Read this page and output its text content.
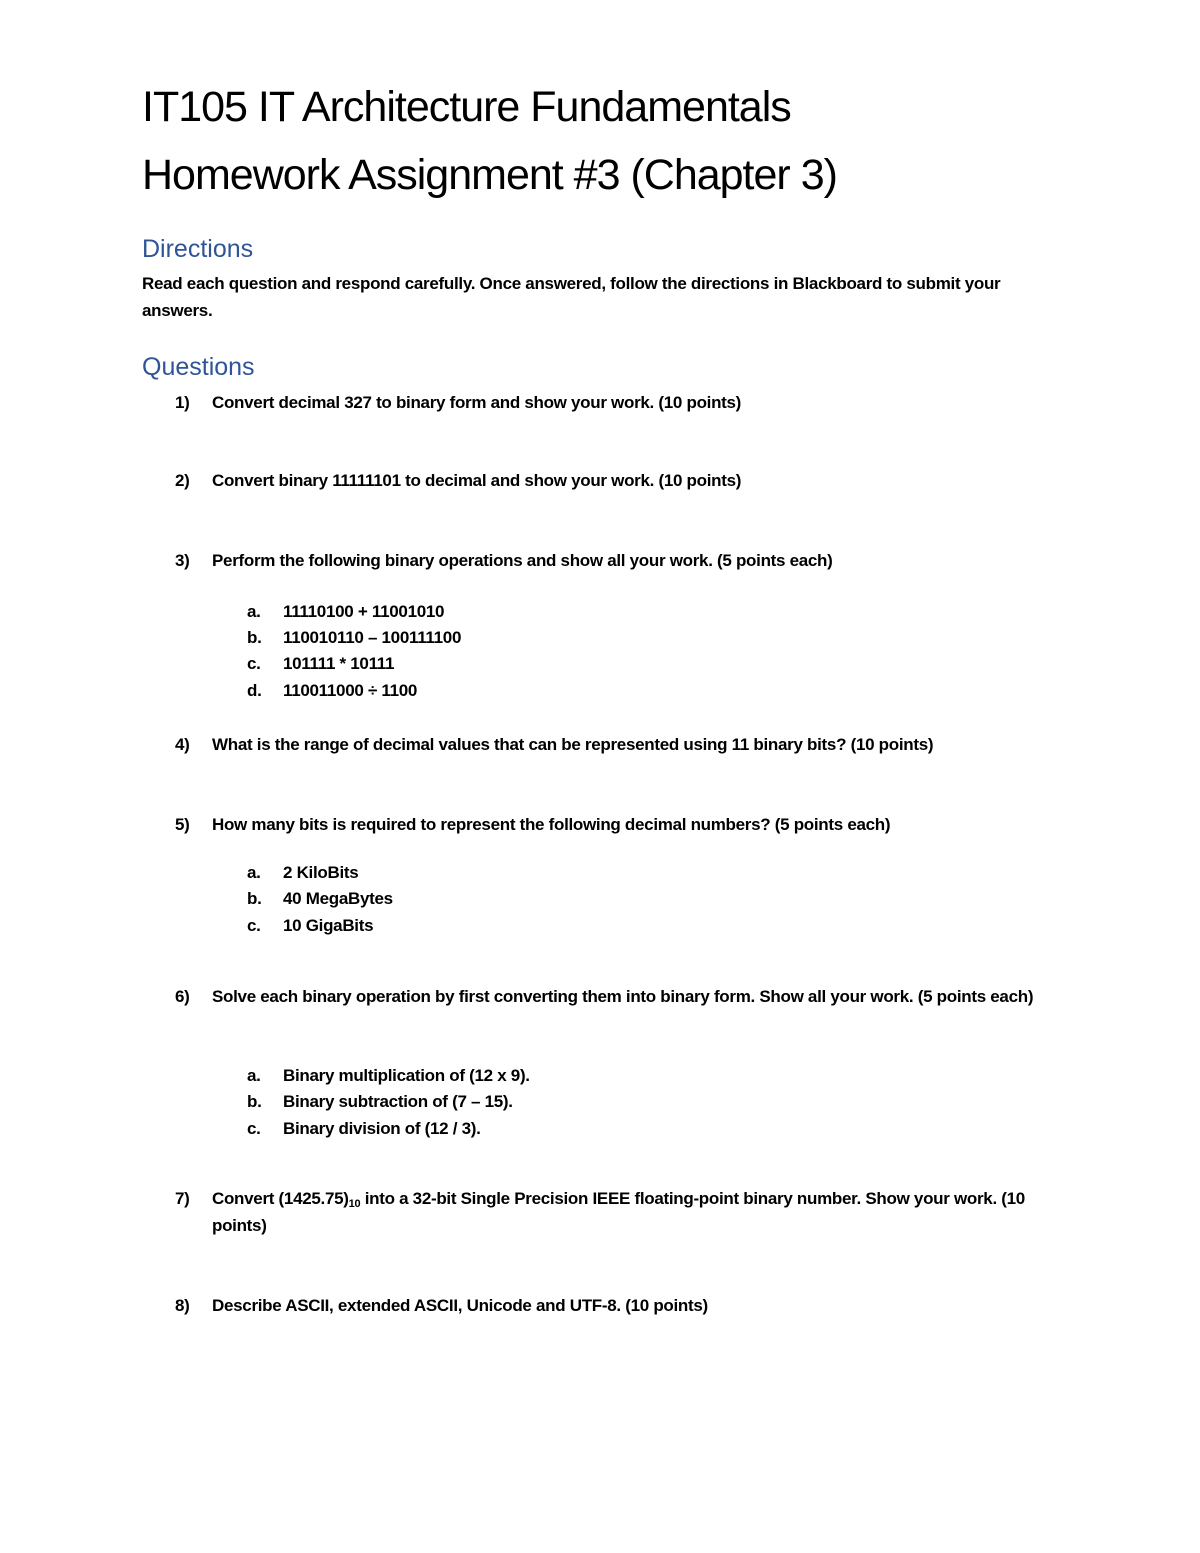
IT105 IT Architecture Fundamentals
Homework Assignment #3 (Chapter 3)
Directions

Read each question and respond carefully. Once answered, follow the directions in Blackboard to submit your answers.

Questions
1) Convert decimal 327 to binary form and show your work. (10 points)
2) Convert binary 11111101 to decimal and show your work. (10 points)
3) Perform the following binary operations and show all your work. (5 points each)
a. 11110100 + 11001010
b. 110010110 – 100111100
c. 101111 * 10111
d. 110011000 ÷ 1100
4) What is the range of decimal values that can be represented using 11 binary bits? (10 points)
5) How many bits is required to represent the following decimal numbers? (5 points each)
a. 2 KiloBits
b. 40 MegaBytes
c. 10 GigaBits
6) Solve each binary operation by first converting them into binary form. Show all your work. (5 points each)
a. Binary multiplication of (12 x 9).
b. Binary subtraction of (7 – 15).
c. Binary division of (12 / 3).
7) Convert $(1425.75)_{10}$ into a 32-bit Single Precision IEEE floating-point binary number. Show your work. (10 points)
8) Describe ASCII, extended ASCII, Unicode and UTF-8. (10 points)
